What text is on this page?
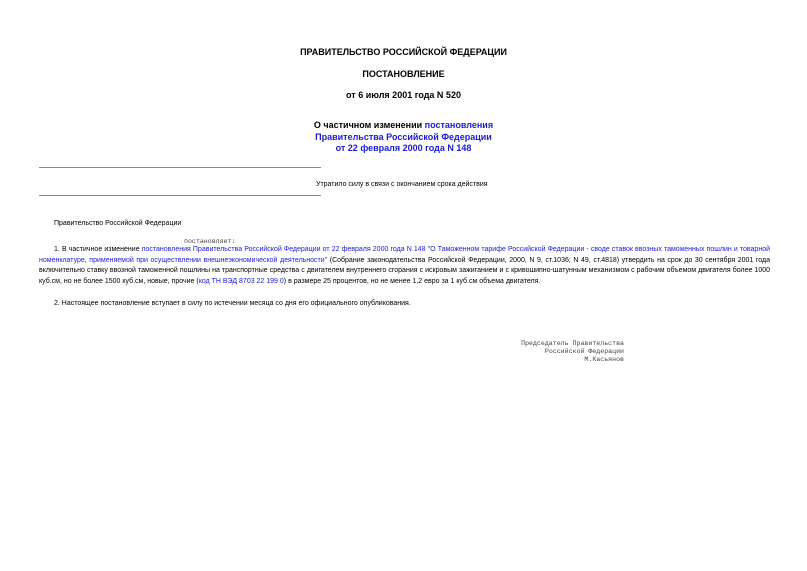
ПРАВИТЕЛЬСТВО РОССИЙСКОЙ ФЕДЕРАЦИИ
ПОСТАНОВЛЕНИЕ
от 6 июля 2001 года N 520
О частичном изменении постановления
Правительства Российской Федерации
от 22 февраля 2000 года N 148
Утратило силу в связи с окончанием срока действия
Правительство Российской Федерации
постановляет:
1. В частичное изменение постановления Правительства Российской Федерации от 22 февраля 2000 года N 148 "О Таможенном тарифе Российской Федерации - своде ставок ввозных таможенных пошлин и товарной номенклатуре, применяемой при осуществлении внешнеэкономической деятельности" (Собрание законодательства Российской Федерации, 2000, N 9, ст.1036; N 49, ст.4818) утвердить на срок до 30 сентября 2001 года включительно ставку ввозной таможенной пошлины на транспортные средства с двигателем внутреннего сгорания с искровым зажиганием и с кривошипно-шатунным механизмом с рабочим объемом двигателя более 1000 куб.см, но не более 1500 куб.см, новые, прочие (код ТН ВЭД 8703 22 199 0) в размере 25 процентов, но не менее 1,2 евро за 1 куб.см объема двигателя.
2. Настоящее постановление вступает в силу по истечении месяца со дня его официального опубликования.
Председатель Правительства
Российской Федерации
М.Касьянов
